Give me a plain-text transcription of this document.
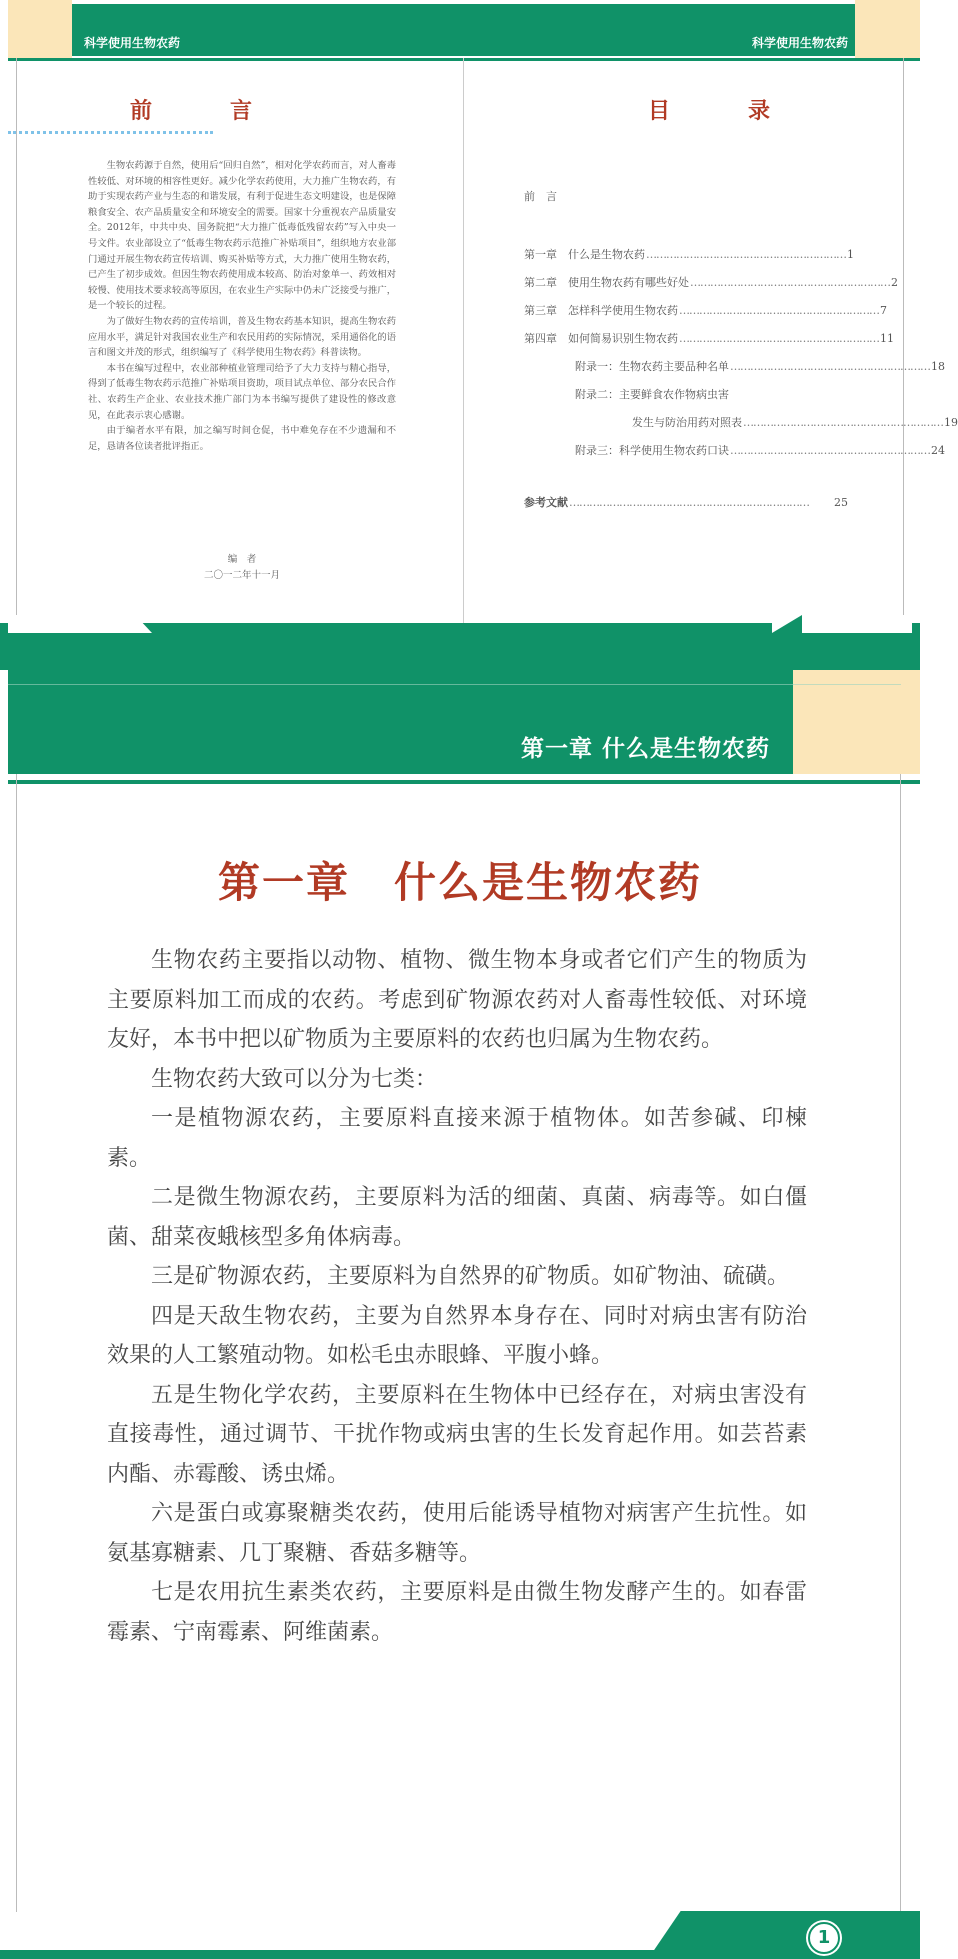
科学使用生物农药	科学使用生物农药
前　言

生物农药源于自然，使用后“回归自然”，相对化学农药而言，对人畜毒性较低、对环境的相容性更好。减少化学农药使用，大力推广生物农药，有助于实现农药产业与生态的和谐发展，有利于促进生态文明建设，也是保障粮食安全、农产品质量安全和环境安全的需要。国家十分重视农产品质量安全。2012年，中共中央、国务院把“大力推广低毒低残留农药”写入中央一号文件。农业部设立了“低毒生物农药示范推广补贴项目”，组织地方农业部门通过开展生物农药宣传培训、购买补贴等方式，大力推广使用生物农药，已产生了初步成效。但因生物农药使用成本较高、防治对象单一、药效相对较慢、使用技术要求较高等原因，在农业生产实际中仍未广泛接受与推广，是一个较长的过程。

为了做好生物农药的宣传培训，普及生物农药基本知识，提高生物农药应用水平，满足针对我国农业生产和农民用药的实际情况，采用通俗化的语言和图文并茂的形式，组织编写了《科学使用生物农药》科普读物。

本书在编写过程中，农业部种植业管理司给予了大力支持与精心指导，得到了低毒生物农药示范推广补贴项目资助，项目试点单位、部分农民合作社、农药生产企业、农业技术推广部门为本书编写提供了建设性的修改意见，在此表示衷心感谢。

由于编者水平有限，加之编写时间仓促，书中难免存在不少遗漏和不足，恳请各位读者批评指正。

编　者
二〇一二年十一月
目　录
前　言
第一章　什么是生物农药 …………………………………………………… 1
第二章　使用生物农药有哪些好处 …………………………………………………… 2
第三章　怎样科学使用生物农药 …………………………………………………… 7
第四章　如何简易识别生物农药 …………………………………………………… 11
附录一：生物农药主要品种名单 …………………………………………………… 18
附录二：主要鲜食农作物病虫害
发生与防治用药对照表 …………………………………………………… 19
附录三：科学使用生物农药口诀 …………………………………………………… 24
参考文献 ………………………………………………………………	25
第一章 什么是生物农药
第一章　什么是生物农药

生物农药主要指以动物、植物、微生物本身或者它们产生的物质为主要原料加工而成的农药。考虑到矿物源农药对人畜毒性较低、对环境友好，本书中把以矿物质为主要原料的农药也归属为生物农药。

生物农药大致可以分为七类：

一是植物源农药，主要原料直接来源于植物体。如苦参碱、印楝素。

二是微生物源农药，主要原料为活的细菌、真菌、病毒等。如白僵菌、甜菜夜蛾核型多角体病毒。

三是矿物源农药，主要原料为自然界的矿物质。如矿物油、硫磺。

四是天敌生物农药，主要为自然界本身存在、同时对病虫害有防治效果的人工繁殖动物。如松毛虫赤眼蜂、平腹小蜂。

五是生物化学农药，主要原料在生物体中已经存在，对病虫害没有直接毒性，通过调节、干扰作物或病虫害的生长发育起作用。如芸苔素内酯、赤霉酸、诱虫烯。

六是蛋白或寡聚糖类农药，使用后能诱导植物对病害产生抗性。如氨基寡糖素、几丁聚糖、香菇多糖等。

七是农用抗生素类农药，主要原料是由微生物发酵产生的。如春雷霉素、宁南霉素、阿维菌素。

1
